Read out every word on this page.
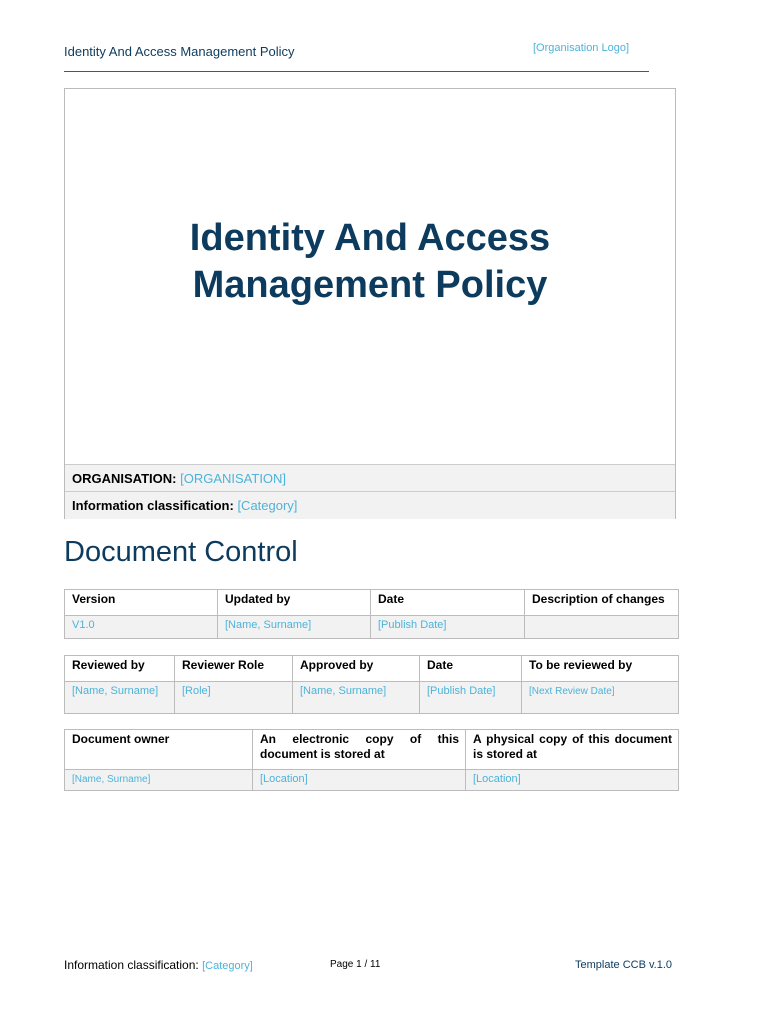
Identity And Access Management Policy	[Organisation Logo]
Identity And Access
Management Policy
ORGANISATION: [ORGANISATION]
Information classification: [Category]
Document Control
Version	Updated by	Date	Description of changes
V1.0	[Name, Surname]	[Publish Date]	
Reviewed by	Reviewer Role	Approved by	Date	To be reviewed by
[Name, Surname]	[Role]	[Name, Surname]	[Publish Date]	[Next Review Date]
Document owner	An electronic copy of this document is stored at	A physical copy of this document is stored at
[Name, Surname]	[Location]	[Location]
Information classification: [Category]	Page 1 / 11	Template CCB v.1.0
